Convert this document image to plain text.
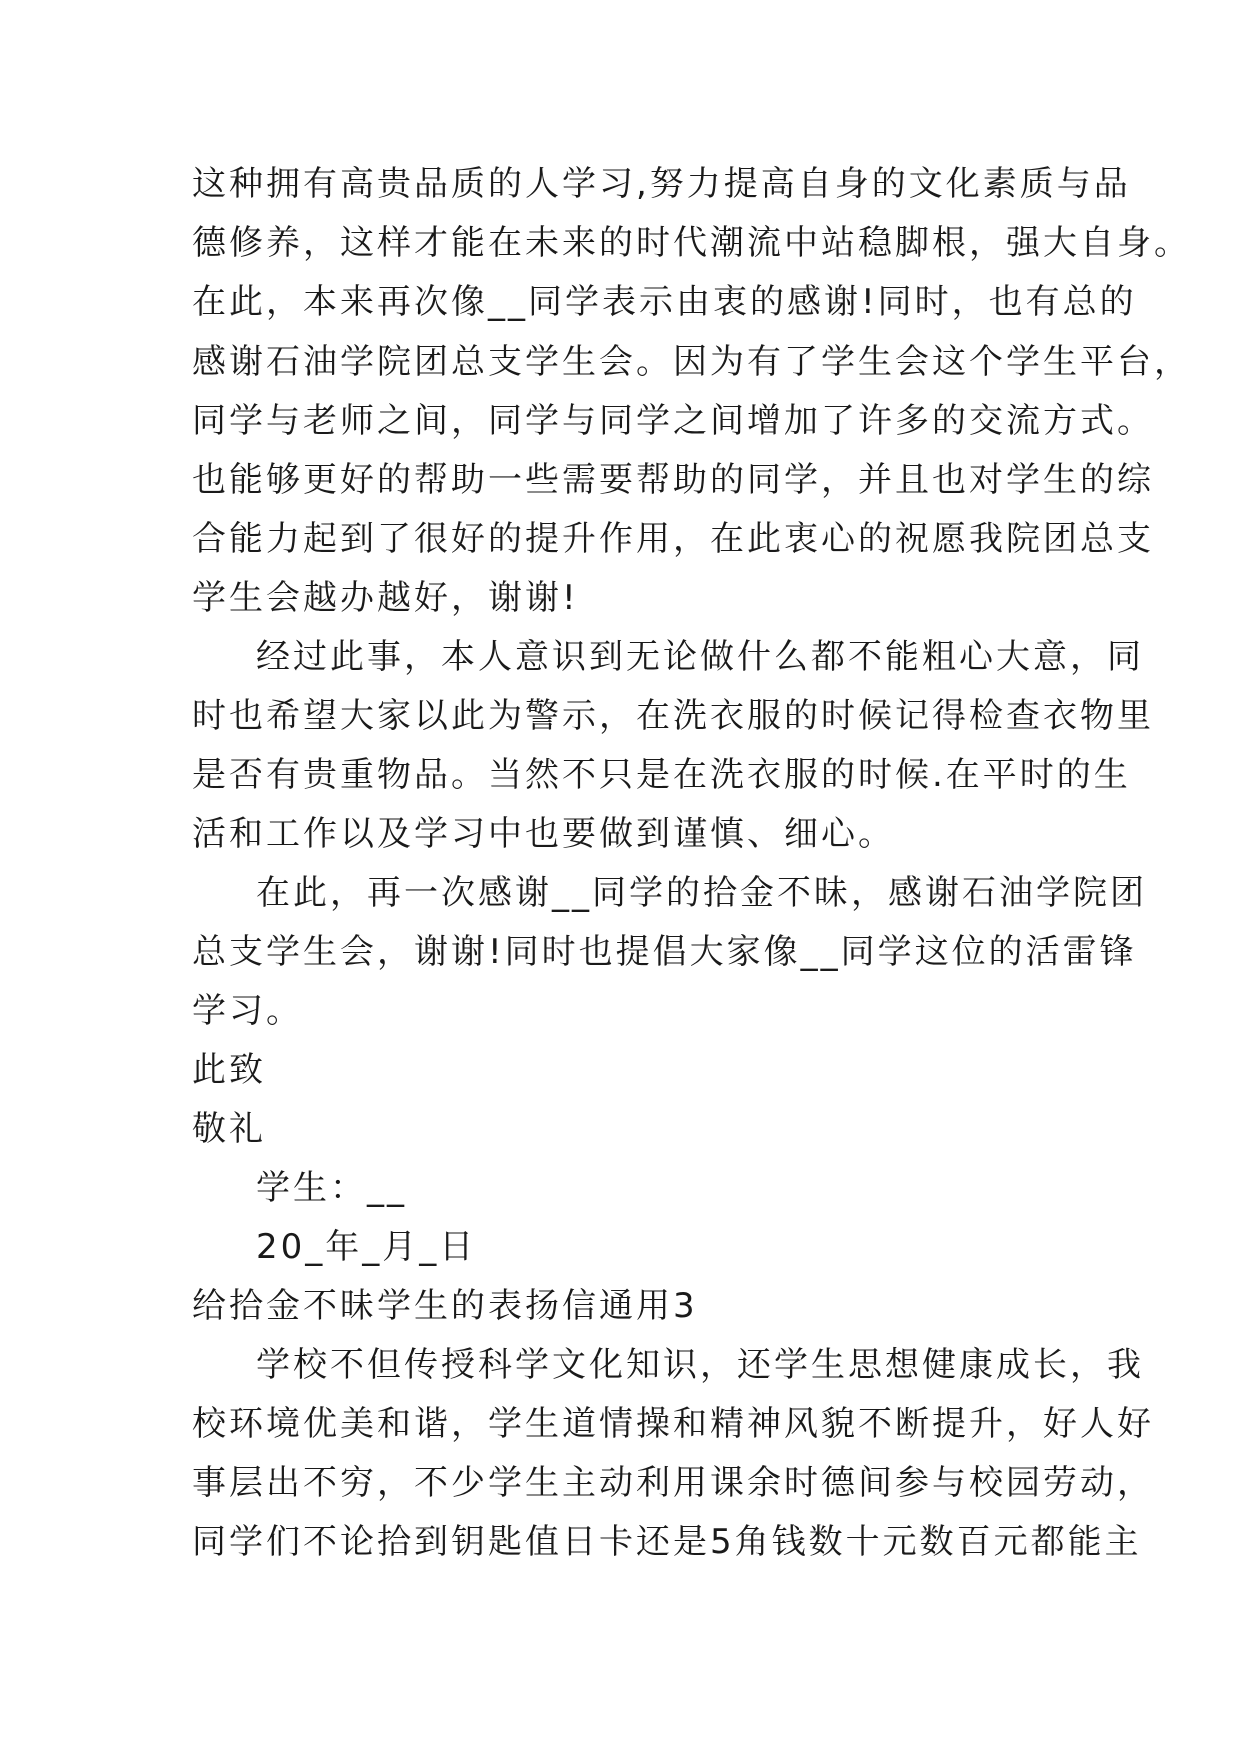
这种拥有高贵品质的人学习,努力提高自身的文化素质与品
德修养，这样才能在未来的时代潮流中站稳脚根，强大自身。
在此，本来再次像__同学表示由衷的感谢!同时，也有总的
感谢石油学院团总支学生会。因为有了学生会这个学生平台，
同学与老师之间，同学与同学之间增加了许多的交流方式。
也能够更好的帮助一些需要帮助的同学，并且也对学生的综
合能力起到了很好的提升作用，在此衷心的祝愿我院团总支
学生会越办越好，谢谢!
经过此事，本人意识到无论做什么都不能粗心大意，同
时也希望大家以此为警示，在洗衣服的时候记得检查衣物里
是否有贵重物品。当然不只是在洗衣服的时候.在平时的生
活和工作以及学习中也要做到谨慎、细心。
在此，再一次感谢__同学的拾金不昧，感谢石油学院团
总支学生会，谢谢!同时也提倡大家像__同学这位的活雷锋
学习。
此致
敬礼
学生：__
20_年_月_日
给拾金不昧学生的表扬信通用3
学校不但传授科学文化知识，还学生思想健康成长，我
校环境优美和谐，学生道情操和精神风貌不断提升，好人好
事层出不穷，不少学生主动利用课余时德间参与校园劳动，
同学们不论拾到钥匙值日卡还是5角钱数十元数百元都能主
